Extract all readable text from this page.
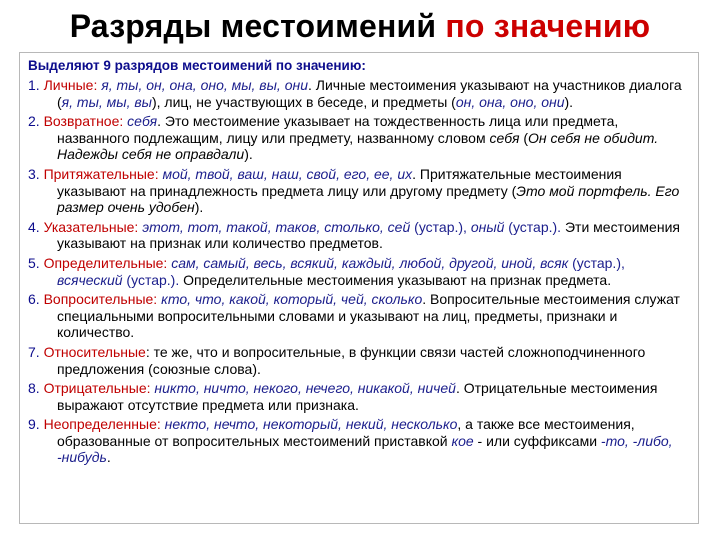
Разряды местоимений по значению
Выделяют 9 разрядов местоимений по значению:
1. Личные: я, ты, он, она, оно, мы, вы, они. Личные местоимения указывают на участников диалога (я, ты, мы, вы), лиц, не участвующих в беседе, и предметы (он, она, оно, они).
2. Возвратное: себя. Это местоимение указывает на тождественность лица или предмета, названного подлежащим, лицу или предмету, названному словом себя (Он себя не обидит. Надежды себя не оправдали).
3. Притяжательные: мой, твой, ваш, наш, свой, его, ее, их. Притяжательные местоимения указывают на принадлежность предмета лицу или другому предмету (Это мой портфель. Его размер очень удобен).
4. Указательные: этот, тот, такой, таков, столько, сей (устар.), оный (устар.). Эти местоимения указывают на признак или количество предметов.
5. Определительные: сам, самый, весь, всякий, каждый, любой, другой, иной, всяк (устар.), всяческий (устар.). Определительные местоимения указывают на признак предмета.
6. Вопросительные: кто, что, какой, который, чей, сколько. Вопросительные местоимения служат специальными вопросительными словами и указывают на лиц, предметы, признаки и количество.
7. Относительные: те же, что и вопросительные, в функции связи частей сложноподчиненного предложения (союзные слова).
8. Отрицательные: никто, ничто, некого, нечего, никакой, ничей. Отрицательные местоимения выражают отсутствие предмета или признака.
9. Неопределенные: некто, нечто, некоторый, некий, несколько, а также все местоимения, образованные от вопросительных местоимений приставкой кое - или суффиксами -то, -либо, -нибудь.
